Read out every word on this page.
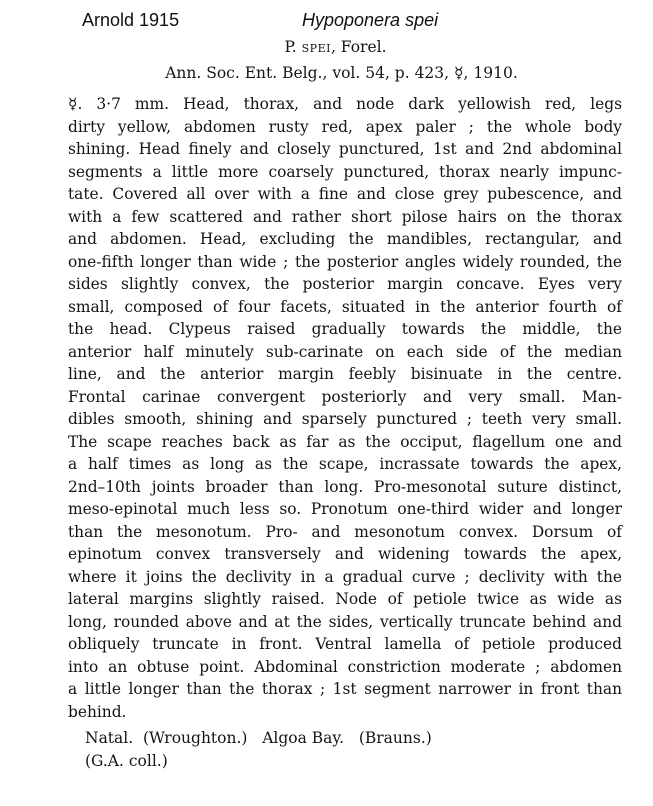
Arnold 1915	Hypoponera spei
P. spei, Forel.
Ann. Soc. Ent. Belg., vol. 54, p. 423, ☿, 1910.
☿. 3·7 mm. Head, thorax, and node dark yellowish red, legs
dirty yellow, abdomen rusty red, apex paler ; the whole body
shining. Head finely and closely punctured, 1st and 2nd abdominal
segments a little more coarsely punctured, thorax nearly impunc-
tate. Covered all over with a fine and close grey pubescence, and
with a few scattered and rather short pilose hairs on the thorax
and abdomen. Head, excluding the mandibles, rectangular, and
one-fifth longer than wide ; the posterior angles widely rounded, the
sides slightly convex, the posterior margin concave. Eyes very
small, composed of four facets, situated in the anterior fourth of
the head. Clypeus raised gradually towards the middle, the
anterior half minutely sub-carinate on each side of the median
line, and the anterior margin feebly bisinuate in the centre.
Frontal carinae convergent posteriorly and very small. Man-
dibles smooth, shining and sparsely punctured ; teeth very small.
The scape reaches back as far as the occiput, flagellum one and
a half times as long as the scape, incrassate towards the apex,
2nd–10th joints broader than long. Pro-mesonotal suture distinct,
meso-epinotal much less so. Pronotum one-third wider and longer
than the mesonotum. Pro- and mesonotum convex. Dorsum of
epinotum convex transversely and widening towards the apex,
where it joins the declivity in a gradual curve ; declivity with the
lateral margins slightly raised. Node of petiole twice as wide as
long, rounded above and at the sides, vertically truncate behind and
obliquely truncate in front. Ventral lamella of petiole produced
into an obtuse point. Abdominal constriction moderate ; abdomen
a little longer than the thorax ; 1st segment narrower in front than
behind.
Natal.  (Wroughton.)   Algoa Bay.   (Brauns.)
(G.A. coll.)
